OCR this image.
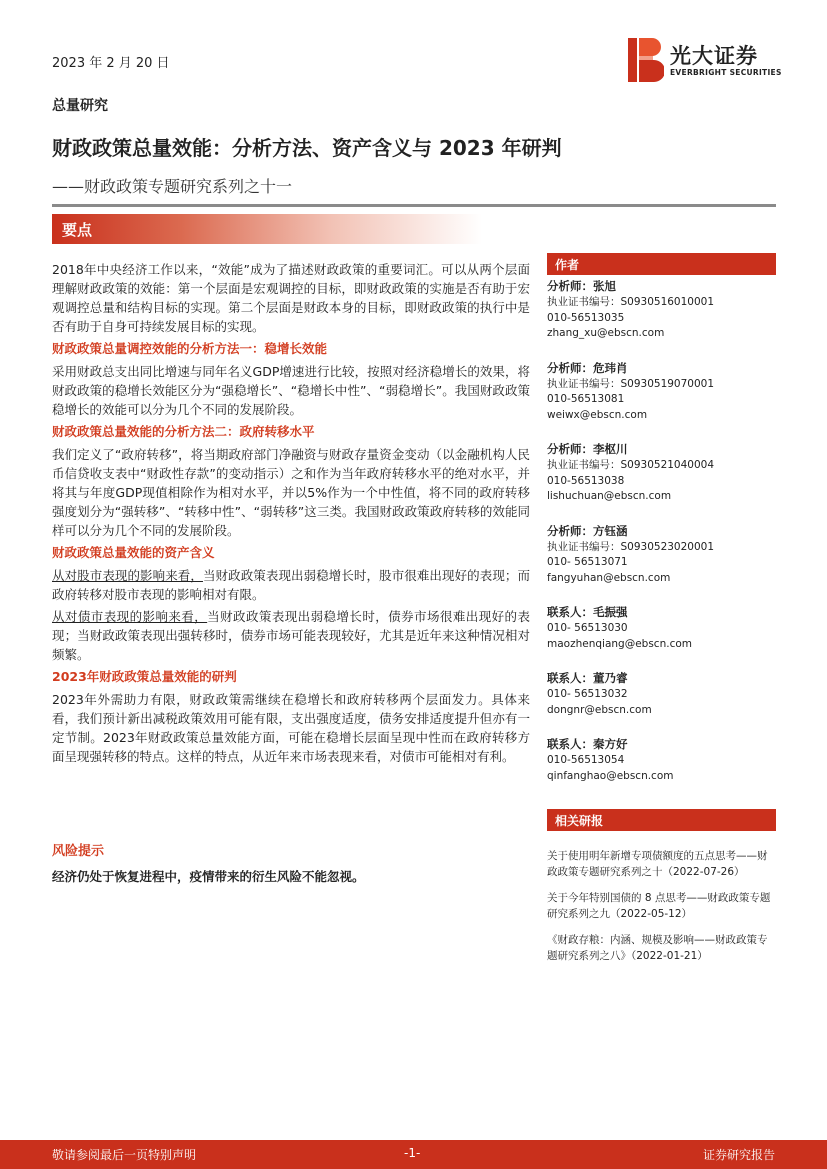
2023 年 2 月 20 日	光大证券
EVERBRIGHT SECURITIES
总量研究
财政政策总量效能：分析方法、资产含义与 2023 年研判
——财政政策专题研究系列之十一
要点

2018年中央经济工作以来，“效能”成为了描述财政政策的重要词汇。可以从两个层面理解财政政策的效能：第一个层面是宏观调控的目标，即财政政策的实施是否有助于宏观调控总量和结构目标的实现。第二个层面是财政本身的目标，即财政政策的执行中是否有助于自身可持续发展目标的实现。

财政政策总量调控效能的分析方法一：稳增长效能

采用财政总支出同比增速与同年名义GDP增速进行比较，按照对经济稳增长的效果，将财政政策的稳增长效能区分为“强稳增长”、“稳增长中性”、“弱稳增长”。我国财政政策稳增长的效能可以分为几个不同的发展阶段。

财政政策总量效能的分析方法二：政府转移水平

我们定义了“政府转移”，将当期政府部门净融资与财政存量资金变动（以金融机构人民币信贷收支表中“财政性存款”的变动指示）之和作为当年政府转移水平的绝对水平，并将其与年度GDP现值相除作为相对水平，并以5%作为一个中性值，将不同的政府转移强度划分为“强转移”、“转移中性”、“弱转移”这三类。我国财政政策政府转移的效能同样可以分为几个不同的发展阶段。

财政政策总量效能的资产含义

从对股市表现的影响来看，当财政政策表现出弱稳增长时，股市很难出现好的表现；而政府转移对股市表现的影响相对有限。

从对债市表现的影响来看，当财政政策表现出弱稳增长时，债券市场很难出现好的表现；当财政政策表现出强转移时，债券市场可能表现较好，尤其是近年来这种情况相对频繁。

2023年财政政策总量效能的研判

2023年外需助力有限，财政政策需继续在稳增长和政府转移两个层面发力。具体来看，我们预计新出减税政策效用可能有限，支出强度适度，债务安排适度提升但亦有一定节制。2023年财政政策总量效能方面，可能在稳增长层面呈现中性而在政府转移方面呈现强转移的特点。这样的特点，从近年来市场表现来看，对债市可能相对有利。

风险提示
经济仍处于恢复进程中，疫情带来的衍生风险不能忽视。
作者
分析师：张旭
执业证书编号：S0930516010001
010-56513035
zhang_xu@ebscn.com
分析师：危玮肖
执业证书编号：S0930519070001
010-56513081
weiwx@ebscn.com
分析师：李枢川
执业证书编号：S0930521040004
010-56513038
lishuchuan@ebscn.com
分析师：方钰涵
执业证书编号：S0930523020001
010- 56513071
fangyuhan@ebscn.com
联系人：毛振强
010- 56513030
maozhenqiang@ebscn.com
联系人：董乃睿
010- 56513032
dongnr@ebscn.com
联系人：秦方好
010-56513054
qinfanghao@ebscn.com
相关研报
关于使用明年新增专项债额度的五点思考——财政政策专题研究系列之十（2022-07-26）
关于今年特别国债的 8 点思考——财政政策专题研究系列之九（2022-05-12）
《财政存粮：内涵、规模及影响——财政政策专题研究系列之八》（2022-01-21）
敬请参阅最后一页特别声明	-1-	证券研究报告
